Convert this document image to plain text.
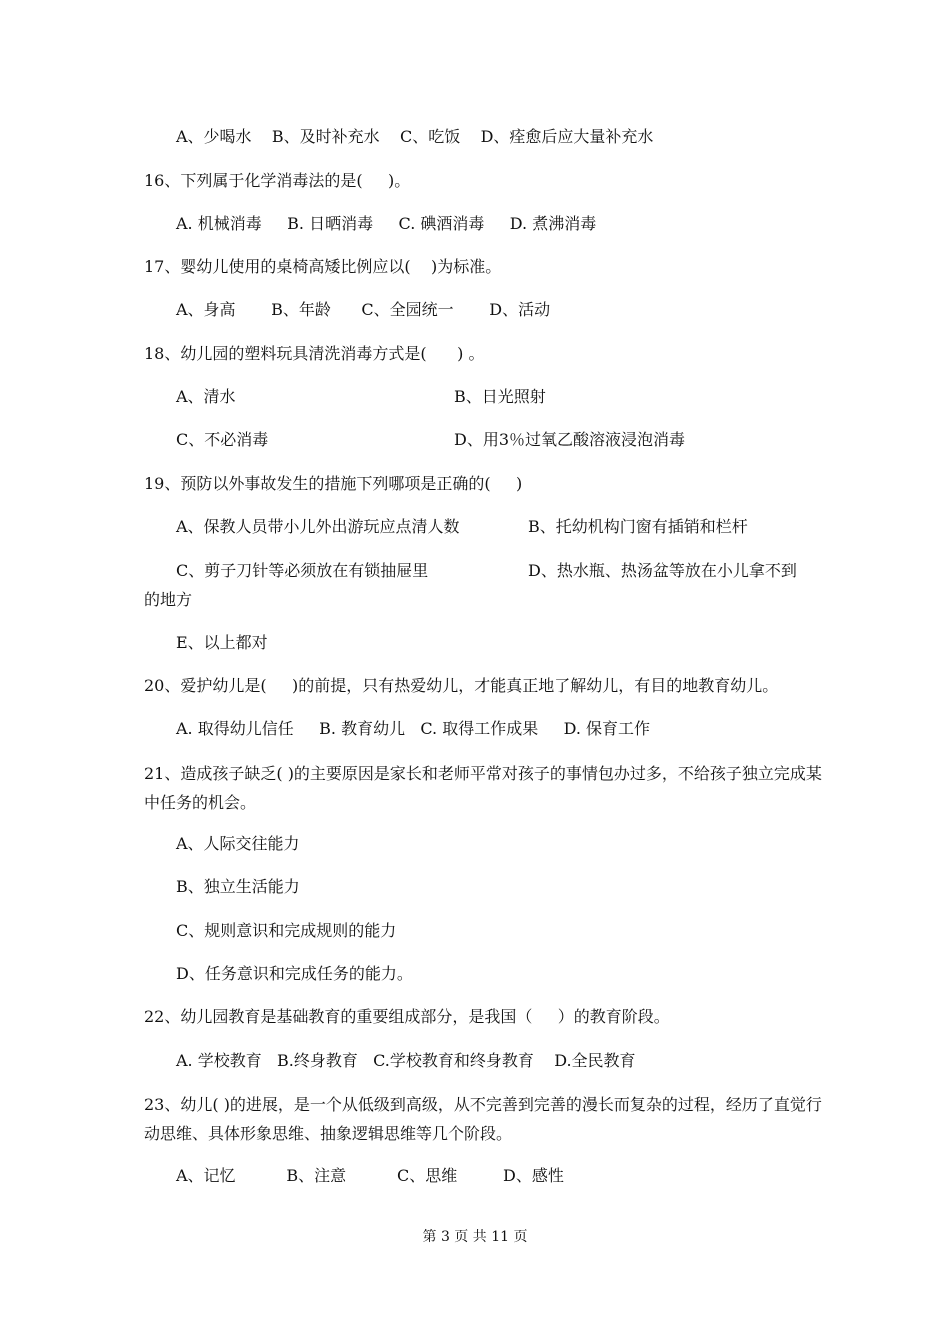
A、少喝水    B、及时补充水    C、吃饭    D、痊愈后应大量补充水
16、下列属于化学消毒法的是(     )。
A. 机械消毒     B. 日晒消毒     C. 碘酒消毒     D. 煮沸消毒
17、婴幼儿使用的桌椅高矮比例应以(    )为标准。
A、身高       B、年龄      C、全园统一       D、活动
18、幼儿园的塑料玩具清洗消毒方式是(      ) 。
A、清水	B、日光照射
C、不必消毒	D、用3％过氧乙酸溶液浸泡消毒
19、预防以外事故发生的措施下列哪项是正确的(     )
A、保教人员带小儿外出游玩应点清人数	B、托幼机构门窗有插销和栏杆
C、剪子刀针等必须放在有锁抽屉里	D、热水瓶、热汤盆等放在小儿拿不到
的地方
E、以上都对
20、爱护幼儿是(     )的前提，只有热爱幼儿，才能真正地了解幼儿，有目的地教育幼儿。
A. 取得幼儿信任     B. 教育幼儿   C. 取得工作成果     D. 保育工作
21、造成孩子缺乏( )的主要原因是家长和老师平常对孩子的事情包办过多，不给孩子独立完成某中任务的机会。
A、人际交往能力
B、独立生活能力
C、规则意识和完成规则的能力
D、任务意识和完成任务的能力。
22、幼儿园教育是基础教育的重要组成部分，是我国（     ）的教育阶段。
A. 学校教育   B.终身教育   C.学校教育和终身教育    D.全民教育
23、幼儿( )的进展，是一个从低级到高级，从不完善到完善的漫长而复杂的过程，经历了直觉行动思维、具体形象思维、抽象逻辑思维等几个阶段。
A、记忆          B、注意          C、思维         D、感性
第 3 页 共 11 页
